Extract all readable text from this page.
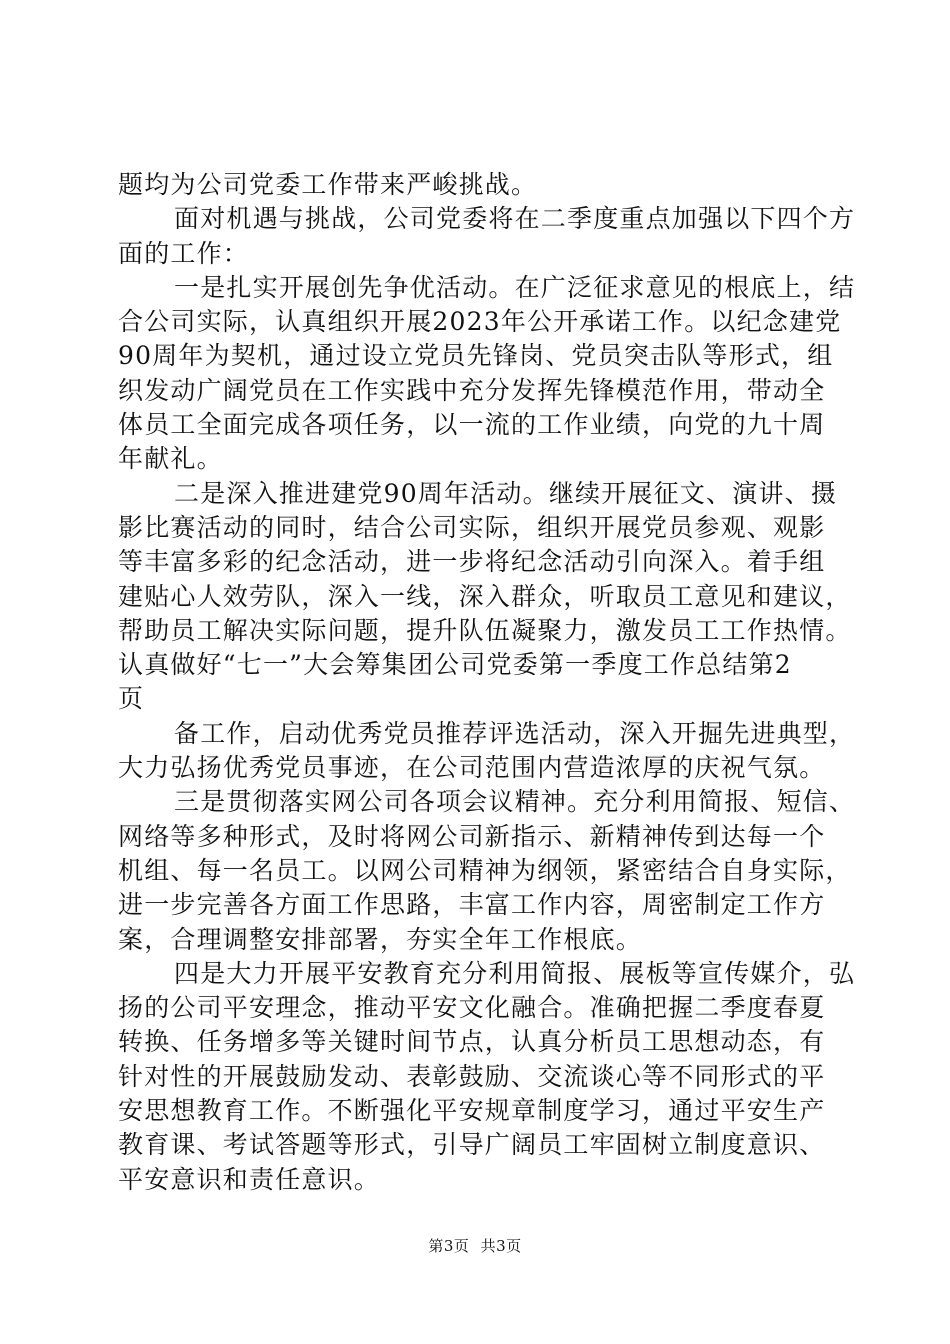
题均为公司党委工作带来严峻挑战。
面对机遇与挑战，公司党委将在二季度重点加强以下四个方
面的工作：
一是扎实开展创先争优活动。在广泛征求意见的根底上，结
合公司实际，认真组织开展2023年公开承诺工作。以纪念建党
90周年为契机，通过设立党员先锋岗、党员突击队等形式，组
织发动广阔党员在工作实践中充分发挥先锋模范作用，带动全
体员工全面完成各项任务，以一流的工作业绩，向党的九十周
年献礼。
二是深入推进建党90周年活动。继续开展征文、演讲、摄
影比赛活动的同时，结合公司实际，组织开展党员参观、观影
等丰富多彩的纪念活动，进一步将纪念活动引向深入。着手组
建贴心人效劳队，深入一线，深入群众，听取员工意见和建议，
帮助员工解决实际问题，提升队伍凝聚力，激发员工工作热情。
认真做好“七一”大会筹集团公司党委第一季度工作总结第2
页
备工作，启动优秀党员推荐评选活动，深入开掘先进典型，
大力弘扬优秀党员事迹，在公司范围内营造浓厚的庆祝气氛。
三是贯彻落实网公司各项会议精神。充分利用简报、短信、
网络等多种形式，及时将网公司新指示、新精神传到达每一个
机组、每一名员工。以网公司精神为纲领，紧密结合自身实际，
进一步完善各方面工作思路，丰富工作内容，周密制定工作方
案，合理调整安排部署，夯实全年工作根底。
四是大力开展平安教育充分利用简报、展板等宣传媒介，弘
扬的公司平安理念，推动平安文化融合。准确把握二季度春夏
转换、任务增多等关键时间节点，认真分析员工思想动态，有
针对性的开展鼓励发动、表彰鼓励、交流谈心等不同形式的平
安思想教育工作。不断强化平安规章制度学习，通过平安生产
教育课、考试答题等形式，引导广阔员工牢固树立制度意识、
平安意识和责任意识。
第3页 共3页
